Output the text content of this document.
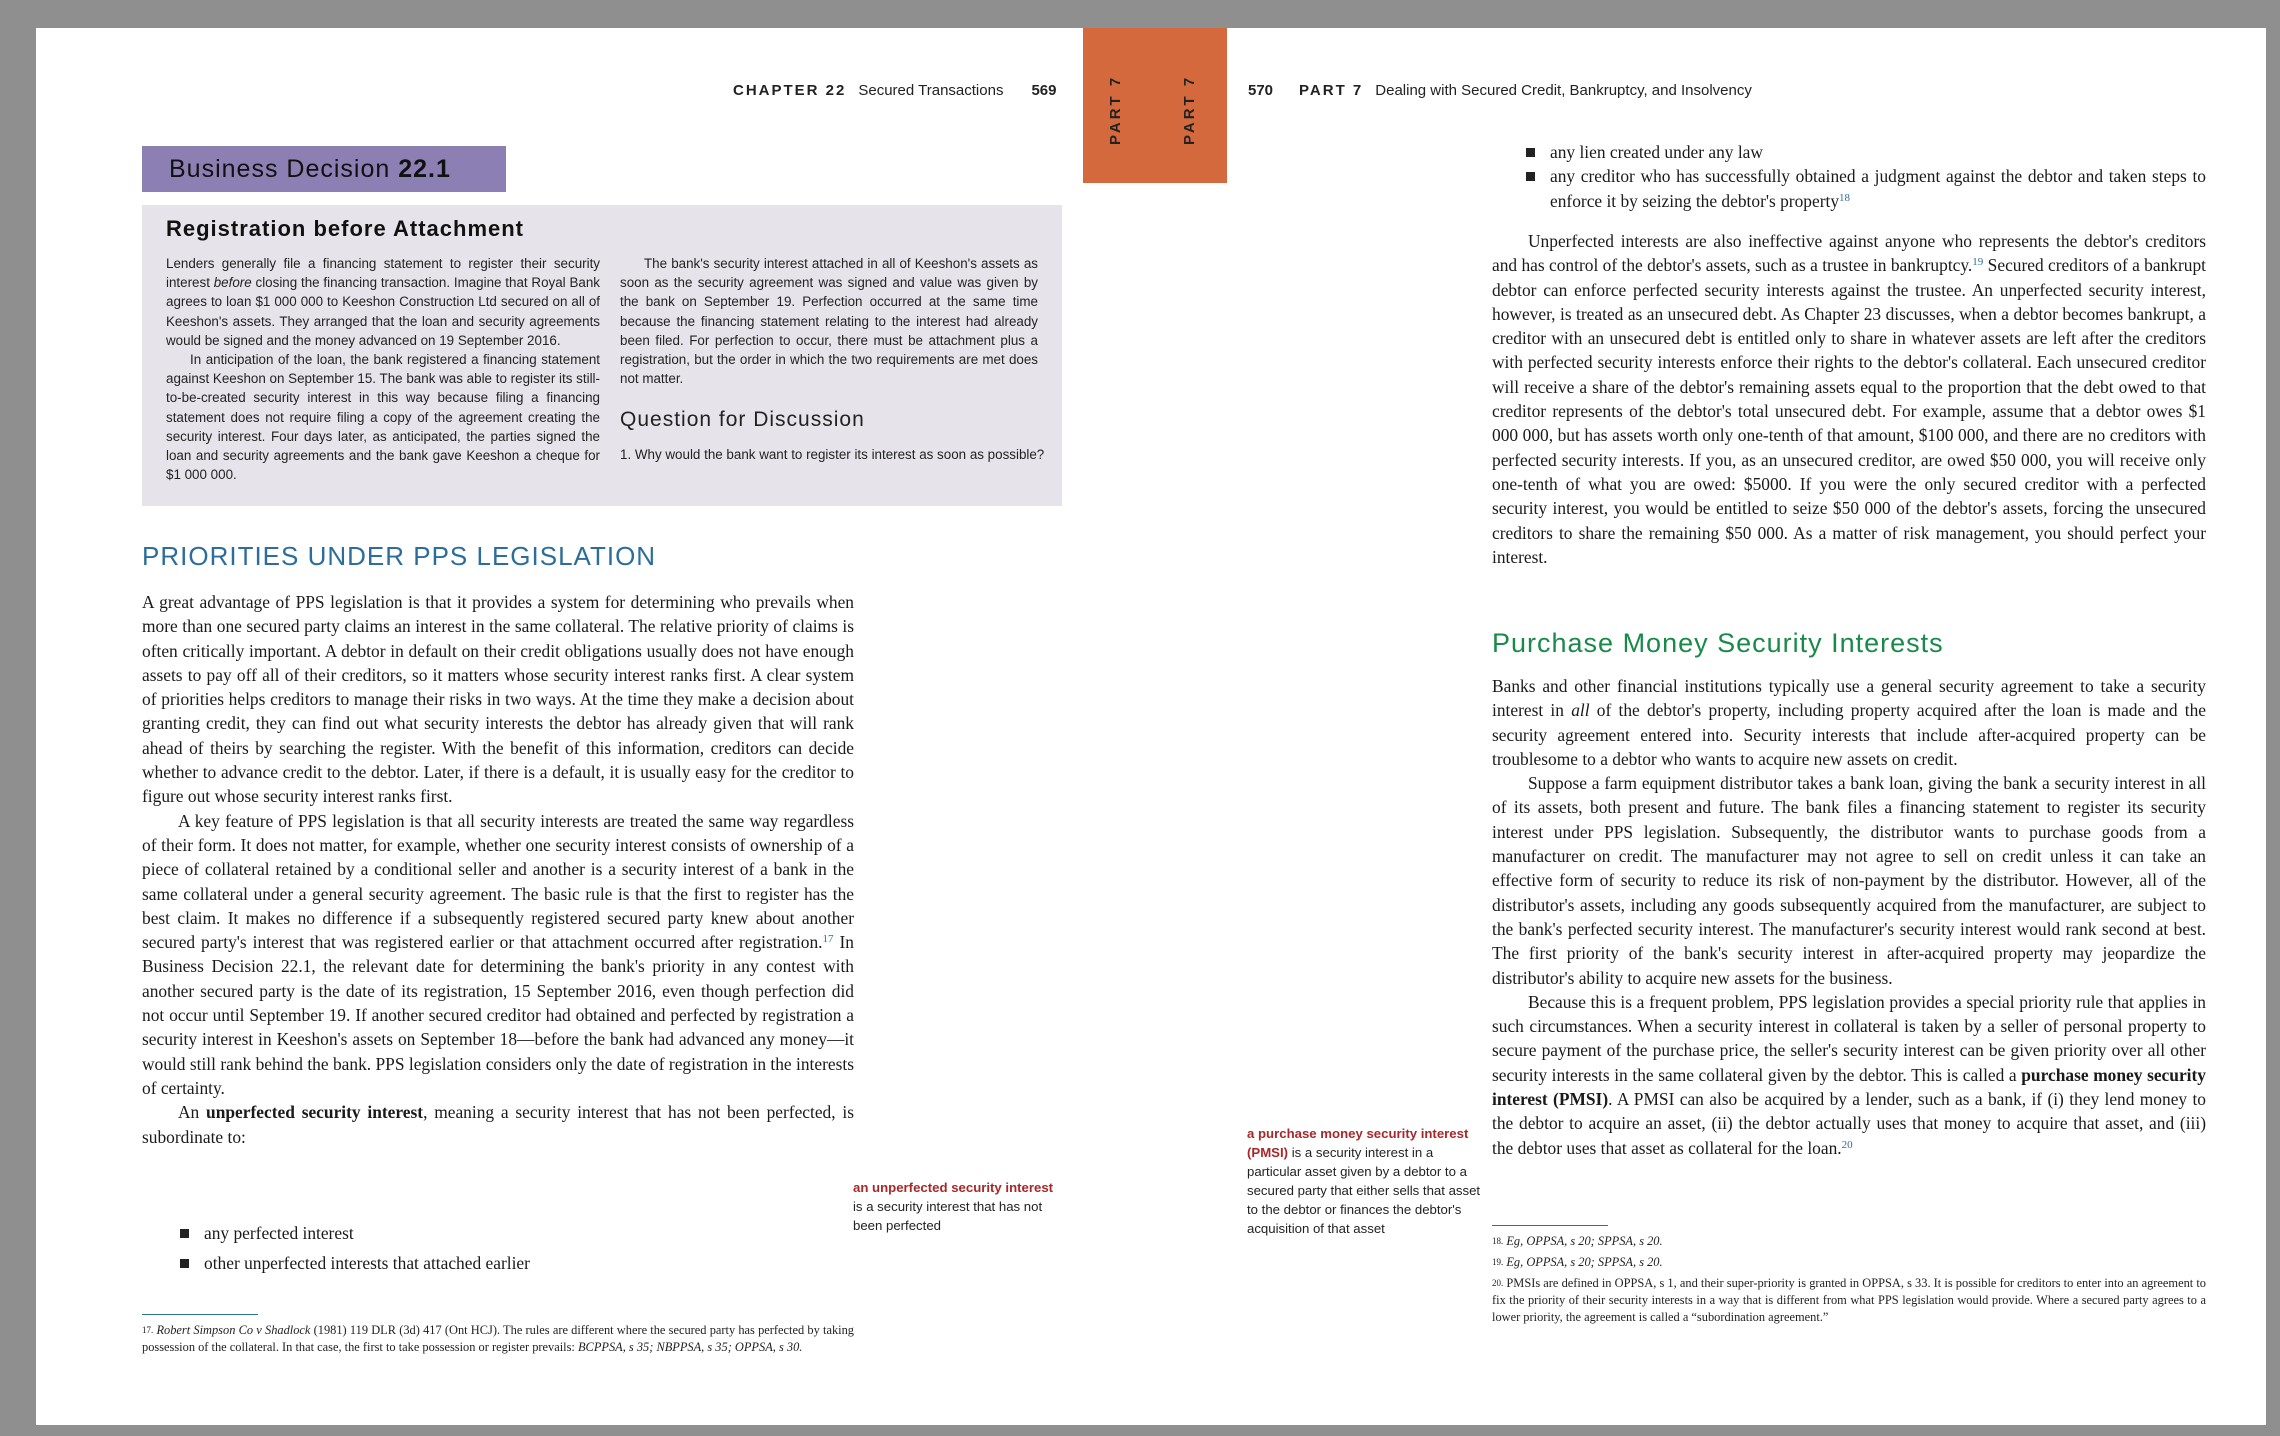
CHAPTER 22 Secured Transactions 569	PART 7	PART 7	570 PART 7 Dealing with Secured Credit, Bankruptcy, and Insolvency
Business Decision 22.1
Registration before Attachment

Lenders generally file a financing statement to register their security interest before closing the financing transaction. Imagine that Royal Bank agrees to loan $1 000 000 to Keeshon Construction Ltd secured on all of Keeshon's assets. They arranged that the loan and security agreements would be signed and the money advanced on 19 September 2016.

In anticipation of the loan, the bank registered a financing statement against Keeshon on September 15. The bank was able to register its still-to-be-created security interest in this way because filing a financing statement does not require filing a copy of the agreement creating the security interest. Four days later, as anticipated, the parties signed the loan and security agreements and the bank gave Keeshon a cheque for $1 000 000.

The bank's security interest attached in all of Keeshon's assets as soon as the security agreement was signed and value was given by the bank on September 19. Perfection occurred at the same time because the financing statement relating to the interest had already been filed. For perfection to occur, there must be attachment plus a registration, but the order in which the two requirements are met does not matter.

Question for Discussion
1. Why would the bank want to register its interest as soon as possible?
PRIORITIES UNDER PPS LEGISLATION

A great advantage of PPS legislation is that it provides a system for determining who prevails when more than one secured party claims an interest in the same collateral. The relative priority of claims is often critically important. A debtor in default on their credit obligations usually does not have enough assets to pay off all of their creditors, so it matters whose security interest ranks first. A clear system of priorities helps creditors to manage their risks in two ways. At the time they make a decision about granting credit, they can find out what security interests the debtor has already given that will rank ahead of theirs by searching the register. With the benefit of this information, creditors can decide whether to advance credit to the debtor. Later, if there is a default, it is usually easy for the creditor to figure out whose security interest ranks first.

A key feature of PPS legislation is that all security interests are treated the same way regardless of their form. It does not matter, for example, whether one security interest consists of ownership of a piece of collateral retained by a conditional seller and another is a security interest of a bank in the same collateral under a general security agreement. The basic rule is that the first to register has the best claim. It makes no difference if a subsequently registered secured party knew about another secured party's interest that was registered earlier or that attachment occurred after registration.$^{17}$ In Business Decision 22.1, the relevant date for determining the bank's priority in any contest with another secured party is the date of its registration, 15 September 2016, even though perfection did not occur until September 19. If another secured creditor had obtained and perfected by registration a security interest in Keeshon's assets on September 18—before the bank had advanced any money—it would still rank behind the bank. PPS legislation considers only the date of registration in the interests of certainty.

An unperfected security interest, meaning a security interest that has not been perfected, is subordinate to:

any perfected interest
other unperfected interests that attached earlier

$^{17.}$ Robert Simpson Co v Shadlock (1981) 119 DLR (3d) 417 (Ont HCJ). The rules are different where the secured party has perfected by taking possession of the collateral. In that case, the first to take possession or register prevails: BCPPSA, s 35; NBPPSA, s 35; OPPSA, s 30.

an unperfected security interest is a security interest that has not been perfected
a purchase money security interest (PMSI) is a security interest in a particular asset given by a debtor to a secured party that either sells that asset to the debtor or finances the debtor's acquisition of that asset
any lien created under any law
any creditor who has successfully obtained a judgment against the debtor and taken steps to enforce it by seizing the debtor's property$^{18}$

Unperfected interests are also ineffective against anyone who represents the debtor's creditors and has control of the debtor's assets, such as a trustee in bankruptcy.$^{19}$ Secured creditors of a bankrupt debtor can enforce perfected security interests against the trustee. An unperfected security interest, however, is treated as an unsecured debt. As Chapter 23 discusses, when a debtor becomes bankrupt, a creditor with an unsecured debt is entitled only to share in whatever assets are left after the creditors with perfected security interests enforce their rights to the debtor's collateral. Each unsecured creditor will receive a share of the debtor's remaining assets equal to the proportion that the debt owed to that creditor represents of the debtor's total unsecured debt. For example, assume that a debtor owes $1 000 000, but has assets worth only one-tenth of that amount, $100 000, and there are no creditors with perfected security interests. If you, as an unsecured creditor, are owed $50 000, you will receive only one-tenth of what you are owed: $5000. If you were the only secured creditor with a perfected security interest, you would be entitled to seize $50 000 of the debtor's assets, forcing the unsecured creditors to share the remaining $50 000. As a matter of risk management, you should perfect your interest.

Purchase Money Security Interests

Banks and other financial institutions typically use a general security agreement to take a security interest in all of the debtor's property, including property acquired after the loan is made and the security agreement entered into. Security interests that include after-acquired property can be troublesome to a debtor who wants to acquire new assets on credit.

Suppose a farm equipment distributor takes a bank loan, giving the bank a security interest in all of its assets, both present and future. The bank files a financing statement to register its security interest under PPS legislation. Subsequently, the distributor wants to purchase goods from a manufacturer on credit. The manufacturer may not agree to sell on credit unless it can take an effective form of security to reduce its risk of non-payment by the distributor. However, all of the distributor's assets, including any goods subsequently acquired from the manufacturer, are subject to the bank's perfected security interest. The manufacturer's security interest would rank second at best. The first priority of the bank's security interest in after-acquired property may jeopardize the distributor's ability to acquire new assets for the business.

Because this is a frequent problem, PPS legislation provides a special priority rule that applies in such circumstances. When a security interest in collateral is taken by a seller of personal property to secure payment of the purchase price, the seller's security interest can be given priority over all other security interests in the same collateral given by the debtor. This is called a purchase money security interest (PMSI). A PMSI can also be acquired by a lender, such as a bank, if (i) they lend money to the debtor to acquire an asset, (ii) the debtor actually uses that money to acquire that asset, and (iii) the debtor uses that asset as collateral for the loan.$^{20}$

$^{18.}$ Eg, OPPSA, s 20; SPPSA, s 20.

$^{19.}$ Eg, OPPSA, s 20; SPPSA, s 20.

$^{20.}$ PMSIs are defined in OPPSA, s 1, and their super-priority is granted in OPPSA, s 33. It is possible for creditors to enter into an agreement to fix the priority of their security interests in a way that is different from what PPS legislation would provide. Where a secured party agrees to a lower priority, the agreement is called a “subordination agreement.”
